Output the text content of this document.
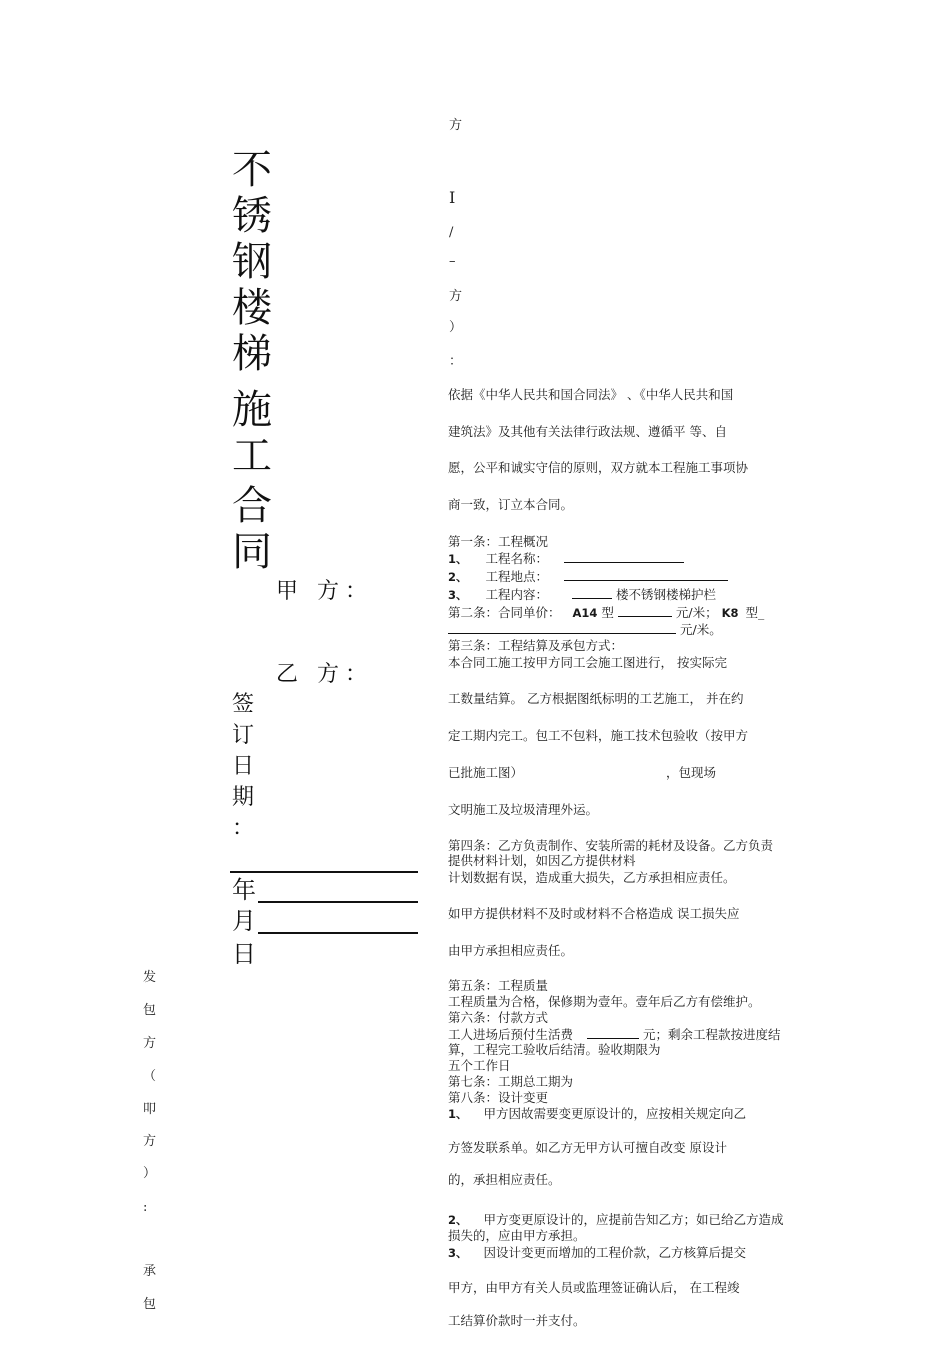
不
锈
钢
楼
梯
施
工
合
同
甲 方：
乙 方：
签
订
日
期
：
年
月
日
发
包
方
（
叩
方
）
:
承
包
方
I
/
–
方
）
：
依据《中华人民共和国合同法》 、《中华人民共和国
建筑法》及其他有关法律行政法规、遵循平 等、自
愿，公平和诚实守信的原则，双方就本工程施工事项协
商一致，订立本合同。
第一条：工程概况
1、 工程名称：
2、 工程地点：
3、 工程内容：	楼不锈钢楼梯护栏
第二条：合同单价： A14 型	元/米； K8 型_
元/米。
第三条：工程结算及承包方式：
本合同工施工按甲方同工会施工图进行， 按实际完
工数量结算。 乙方根据图纸标明的工艺施工， 并在约
定工期内完工。包工不包料，施工技术包验收（按甲方
已批施工图）                                    ，包现场
文明施工及垃圾清理外运。
第四条：乙方负责制作、安装所需的耗材及设备。乙方负责
提供材料计划，如因乙方提供材料
计划数据有误，造成重大损失，乙方承担相应责任。
如甲方提供材料不及时或材料不合格造成 误工损失应
由甲方承担相应责任。
第五条：工程质量
工程质量为合格，保修期为壹年。壹年后乙方有偿维护。
第六条：付款方式
工人进场后预付生活费	元；剩余工程款按进度结
算，工程完工验收后结清。验收期限为
五个工作日
第七条：工期总工期为
第八条：设计变更
1、 甲方因故需要变更原设计的，应按相关规定向乙
方签发联系单。如乙方无甲方认可擅自改变 原设计
的，承担相应责任。
2、 甲方变更原设计的，应提前告知乙方；如已给乙方造成
损失的，应由甲方承担。
3、 因设计变更而增加的工程价款，乙方核算后提交
甲方，由甲方有关人员或监理签证确认后， 在工程竣
工结算价款时一并支付。
